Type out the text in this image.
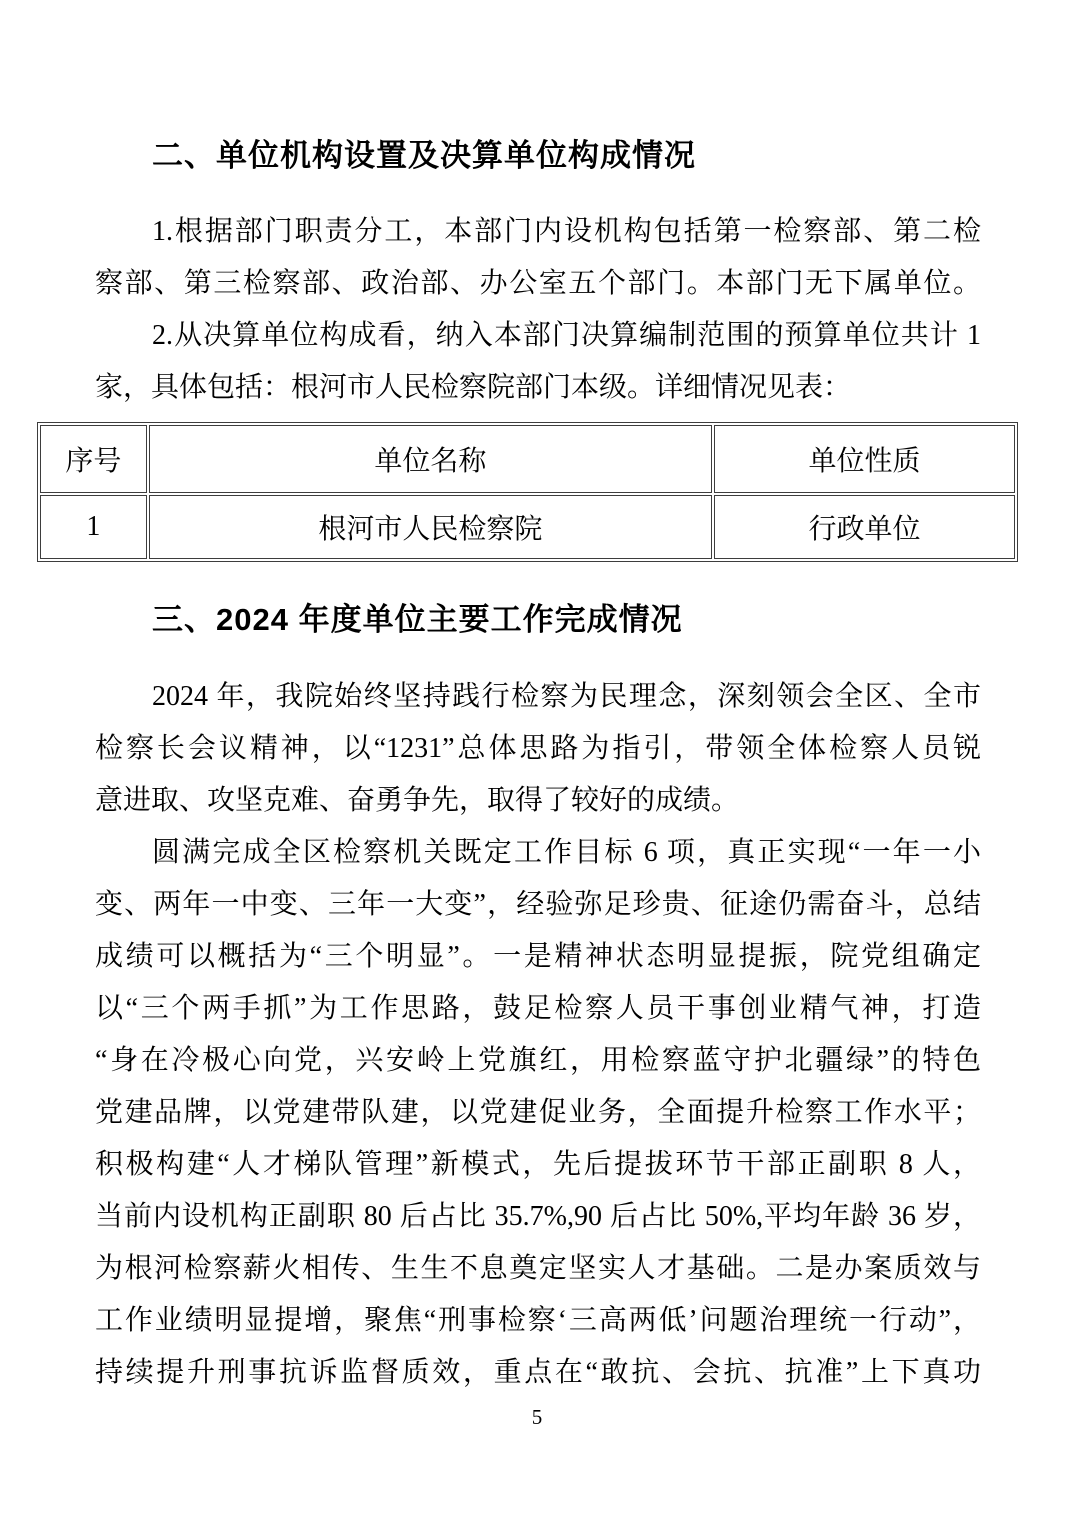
二、单位机构设置及决算单位构成情况
1.根据部门职责分工，本部门内设机构包括第一检察部、第二检
察部、第三检察部、政治部、办公室五个部门。本部门无下属单位。
2.从决算单位构成看，纳入本部门决算编制范围的预算单位共计 1
家，具体包括：根河市人民检察院部门本级。详细情况见表：
序号	单位名称	单位性质
1	根河市人民检察院	行政单位
三、2024 年度单位主要工作完成情况
2024 年，我院始终坚持践行检察为民理念，深刻领会全区、全市
检察长会议精神，以“1231”总体思路为指引，带领全体检察人员锐
意进取、攻坚克难、奋勇争先，取得了较好的成绩。
圆满完成全区检察机关既定工作目标 6 项，真正实现“一年一小
变、两年一中变、三年一大变”，经验弥足珍贵、征途仍需奋斗，总结
成绩可以概括为“三个明显”。一是精神状态明显提振，院党组确定
以“三个两手抓”为工作思路，鼓足检察人员干事创业精气神，打造
“身在冷极心向党，兴安岭上党旗红，用检察蓝守护北疆绿”的特色
党建品牌，以党建带队建，以党建促业务，全面提升检察工作水平；
积极构建“人才梯队管理”新模式，先后提拔环节干部正副职 8 人，
当前内设机构正副职 80 后占比 35.7%,90 后占比 50%,平均年龄 36 岁，
为根河检察薪火相传、生生不息奠定坚实人才基础。二是办案质效与
工作业绩明显提增，聚焦“刑事检察‘三高两低’问题治理统一行动”，
持续提升刑事抗诉监督质效，重点在“敢抗、会抗、抗准”上下真功
5
